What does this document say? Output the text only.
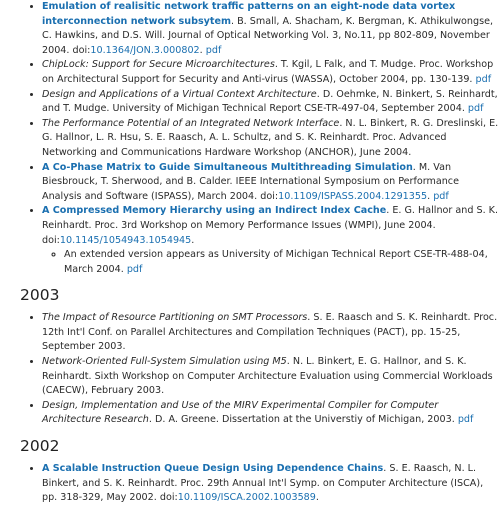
• Emulation of realisitic network traffic patterns on an eight-node data vortex interconnection network subsytem. B. Small, A. Shacham, K. Bergman, K. Athikulwongse, C. Hawkins, and D.S. Will. Journal of Optical Networking Vol. 3, No.11, pp 802-809, November 2004. doi:10.1364/JON.3.000802. pdf
• ChipLock: Support for Secure Microarchitectures. T. Kgil, L Falk, and T. Mudge. Proc. Workshop on Architectural Support for Security and Anti-virus (WASSA), October 2004, pp. 130-139. pdf
• Design and Applications of a Virtual Context Architecture. D. Oehmke, N. Binkert, S. Reinhardt, and T. Mudge. University of Michigan Technical Report CSE-TR-497-04, September 2004. pdf
• The Performance Potential of an Integrated Network Interface. N. L. Binkert, R. G. Dreslinski, E. G. Hallnor, L. R. Hsu, S. E. Raasch, A. L. Schultz, and S. K. Reinhardt. Proc. Advanced Networking and Communications Hardware Workshop (ANCHOR), June 2004.
• A Co-Phase Matrix to Guide Simultaneous Multithreading Simulation. M. Van Biesbrouck, T. Sherwood, and B. Calder. IEEE International Symposium on Performance Analysis and Software (ISPASS), March 2004. doi:10.1109/ISPASS.2004.1291355. pdf
• A Compressed Memory Hierarchy using an Indirect Index Cache. E. G. Hallnor and S. K. Reinhardt. Proc. 3rd Workshop on Memory Performance Issues (WMPI), June 2004. doi:10.1145/1054943.1054945.
◦ An extended version appears as University of Michigan Technical Report CSE-TR-488-04, March 2004. pdf
2003
• The Impact of Resource Partitioning on SMT Processors. S. E. Raasch and S. K. Reinhardt. Proc. 12th Int'l Conf. on Parallel Architectures and Compilation Techniques (PACT), pp. 15-25, September 2003.
• Network-Oriented Full-System Simulation using M5. N. L. Binkert, E. G. Hallnor, and S. K. Reinhardt. Sixth Workshop on Computer Architecture Evaluation using Commercial Workloads (CAECW), February 2003.
• Design, Implementation and Use of the MIRV Experimental Compiler for Computer Architecture Research. D. A. Greene. Dissertation at the Universtiy of Michigan, 2003. pdf
2002
• A Scalable Instruction Queue Design Using Dependence Chains. S. E. Raasch, N. L. Binkert, and S. K. Reinhardt. Proc. 29th Annual Int'l Symp. on Computer Architecture (ISCA), pp. 318-329, May 2002. doi:10.1109/ISCA.2002.1003589.
